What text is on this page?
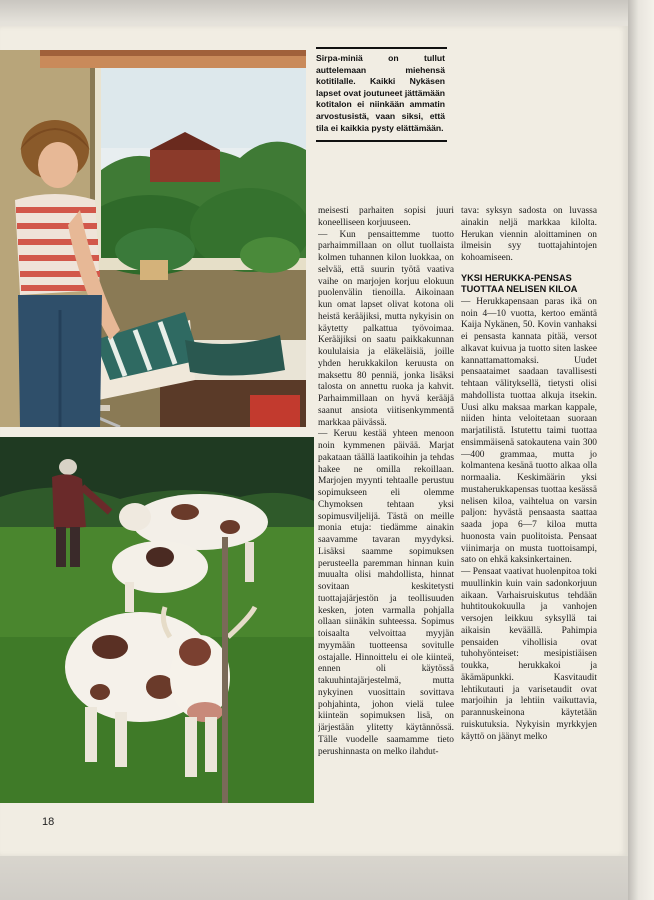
Sirpa-miniä on tullut auttelemaan miehensä kotitilalle. Kaikki Nykäsen lapset ovat joutuneet jättämään kotitalon ei niinkään ammatin arvostusistä, vaan siksi, että tila ei kaikkia pysty elättämään.

meisesti parhaiten sopisi juuri koneelliseen korjuuseen.

— Kun pensaittemme tuotto parhaimmillaan on ollut tuollaista kolmen tuhannen kilon luokkaa, on selvää, että suurin työtä vaativa vaihe on marjojen korjuu elokuun puolenvälin tienoilla. Aikoinaan kun omat lapset olivat kotona oli heistä kerääjiksi, mutta nykyisin on käytetty palkattua työvoimaa. Kerääjiksi on saatu paikkakunnan koululaisia ja eläkeläisiä, joille yhden herukkakilon keruusta on maksettu 80 penniä, jonka lisäksi talosta on annettu ruoka ja kahvit. Parhaimmillaan on hyvä kerääjä saanut ansiota viitisenkymmentä markkaa päivässä.

— Keruu kestää yhteen menoon noin kymmenen päivää. Marjat pakataan täällä laatikoihin ja tehdas hakee ne omilla rekoillaan. Marjojen myynti tehtaalle perustuu sopimukseen eli olemme Chymoksen tehtaan yksi sopimusviljelijä. Tästä on meille monia etuja: tiedämme ainakin saavamme tavaran myydyksi. Lisäksi saamme sopimuksen perusteella paremman hinnan kuin muualta olisi mahdollista, hinnat sovitaan keskitetysti tuottajajärjestön ja teollisuuden kesken, joten varmalla pohjalla ollaan siinäkin suhteessa. Sopimus toisaalta velvoittaa myyjän myymään tuotteensa sovitulle ostajalle. Hinnoittelu ei ole kiinteä, ennen oli käytössä takuuhintajärjestelmä, mutta nykyinen vuosittain sovittava pohjahinta, johon vielä tulee kiinteän sopimuksen lisä, on järjestään ylitetty käytännössä. Tälle vuodelle saamamme tieto perushinnasta on melko ilahdut-

tava: syksyn sadosta on luvassa ainakin neljä markkaa kilolta. Herukan viennin aloittaminen on ilmeisin syy tuottajahintojen kohoamiseen.

YKSI HERUKKA-PENSAS TUOTTAA NELISEN KILOA

— Herukkapensaan paras ikä on noin 4—10 vuotta, kertoo emäntä Kaija Nykänen, 50. Kovin vanhaksi ei pensasta kannata pitää, versot alkavat kuivua ja tuotto siten laskee kannattamattomaksi. Uudet pensaataimet saadaan tavallisesti tehtaan välityksellä, tietysti olisi mahdollista tuottaa alkuja itsekin. Uusi alku maksaa markan kappale, niiden hinta veloitetaan suoraan marjatilistä. Istutettu taimi tuottaa ensimmäisenä satokautena vain 300—400 grammaa, mutta jo kolmantena kesänä tuotto alkaa olla normaalia. Keskimäärin yksi mustaherukkapensas tuottaa kesässä nelisen kiloa, vaihtelua on varsin paljon: hyvästä pensaasta saattaa saada jopa 6—7 kiloa mutta huonosta vain puolitoista. Pensaat viinimarja on musta tuottoisampi, sato on ehkä kaksinkertainen.

— Pensaat vaativat huolenpitoa toki muullinkin kuin vain sadonkorjuun aikaan. Varhaisruiskutus tehdään huhtitoukokuulla ja vanhojen versojen leikkuu syksyllä tai aikaisin keväällä. Pahimpia pensaiden vihollisia ovat tuhohyönteiset: mesipistiäisen toukka, herukkakoi ja äkämäpunkki. Kasvitaudit lehtikutauti ja varisetaudit ovat marjoihin ja lehtiin vaikuttavia, parannuskeinona käytetään ruiskutuksia. Nykyisin myrkkyjen käyttö on jäänyt melko

18
